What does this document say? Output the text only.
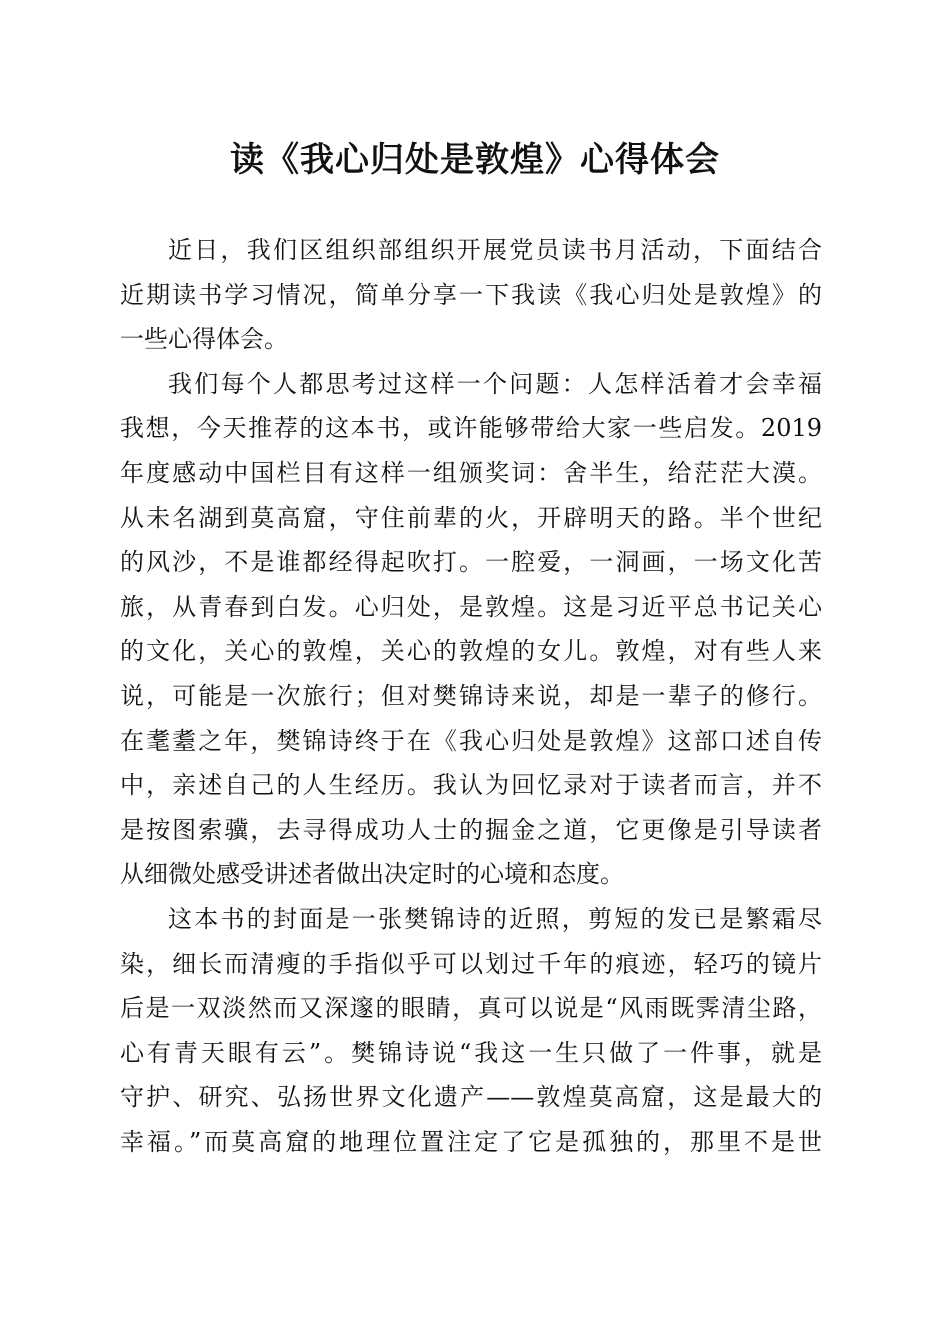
读《我心归处是敦煌》心得体会
近日，我们区组织部组织开展党员读书月活动，下面结合
近期读书学习情况，简单分享一下我读《我心归处是敦煌》的
一些心得体会。
我们每个人都思考过这样一个问题：人怎样活着才会幸福
我想，今天推荐的这本书，或许能够带给大家一些启发。2019
年度感动中国栏目有这样一组颁奖词：舍半生，给茫茫大漠。
从未名湖到莫高窟，守住前辈的火，开辟明天的路。半个世纪
的风沙，不是谁都经得起吹打。一腔爱，一洞画，一场文化苦
旅，从青春到白发。心归处，是敦煌。这是习近平总书记关心
的文化，关心的敦煌，关心的敦煌的女儿。敦煌，对有些人来
说，可能是一次旅行；但对樊锦诗来说，却是一辈子的修行。
在耄耋之年，樊锦诗终于在《我心归处是敦煌》这部口述自传
中，亲述自己的人生经历。我认为回忆录对于读者而言，并不
是按图索骥，去寻得成功人士的掘金之道，它更像是引导读者
从细微处感受讲述者做出决定时的心境和态度。
这本书的封面是一张樊锦诗的近照，剪短的发已是繁霜尽
染，细长而清瘦的手指似乎可以划过千年的痕迹，轻巧的镜片
后是一双淡然而又深邃的眼睛，真可以说是“风雨既霁清尘路，
心有青天眼有云”。樊锦诗说“我这一生只做了一件事，就是
守护、研究、弘扬世界文化遗产——敦煌莫高窟，这是最大的
幸福。”而莫高窟的地理位置注定了它是孤独的，那里不是世
